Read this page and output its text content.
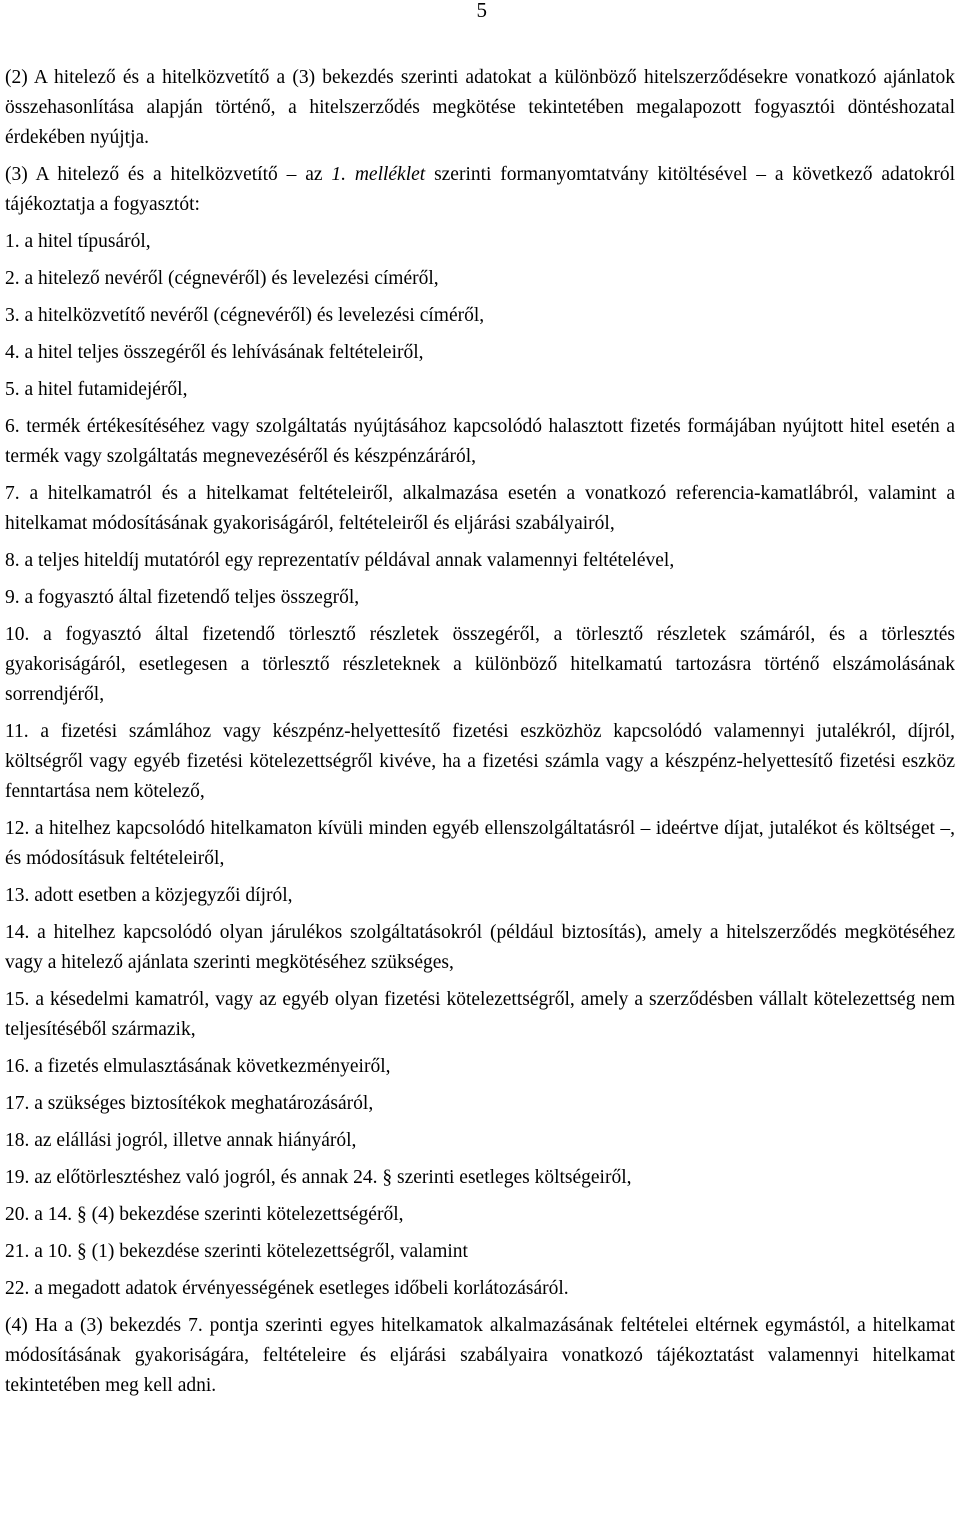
5

(2) A hitelező és a hitelközvetítő a (3) bekezdés szerinti adatokat a különböző hitelszerződésekre vonatkozó ajánlatok összehasonlítása alapján történő, a hitelszerződés megkötése tekintetében megalapozott fogyasztói döntéshozatal érdekében nyújtja.

(3) A hitelező és a hitelközvetítő – az 1. melléklet szerinti formanyomtatvány kitöltésével – a következő adatokról tájékoztatja a fogyasztót:

1. a hitel típusáról,

2. a hitelező nevéről (cégnevéről) és levelezési címéről,

3. a hitelközvetítő nevéről (cégnevéről) és levelezési címéről,

4. a hitel teljes összegéről és lehívásának feltételeiről,

5. a hitel futamidejéről,

6. termék értékesítéséhez vagy szolgáltatás nyújtásához kapcsolódó halasztott fizetés formájában nyújtott hitel esetén a termék vagy szolgáltatás megnevezéséről és készpénzáráról,

7. a hitelkamatról és a hitelkamat feltételeiről, alkalmazása esetén a vonatkozó referencia-kamatlábról, valamint a hitelkamat módosításának gyakoriságáról, feltételeiről és eljárási szabályairól,

8. a teljes hiteldíj mutatóról egy reprezentatív példával annak valamennyi feltételével,

9. a fogyasztó által fizetendő teljes összegről,

10. a fogyasztó által fizetendő törlesztő részletek összegéről, a törlesztő részletek számáról, és a törlesztés gyakoriságáról, esetlegesen a törlesztő részleteknek a különböző hitelkamatú tartozásra történő elszámolásának sorrendjéről,

11. a fizetési számlához vagy készpénz-helyettesítő fizetési eszközhöz kapcsolódó valamennyi jutalékról, díjról, költségről vagy egyéb fizetési kötelezettségről kivéve, ha a fizetési számla vagy a készpénz-helyettesítő fizetési eszköz fenntartása nem kötelező,

12. a hitelhez kapcsolódó hitelkamaton kívüli minden egyéb ellenszolgáltatásról – ideértve díjat, jutalékot és költséget –, és módosításuk feltételeiről,

13. adott esetben a közjegyzői díjról,

14. a hitelhez kapcsolódó olyan járulékos szolgáltatásokról (például biztosítás), amely a hitelszerződés megkötéséhez vagy a hitelező ajánlata szerinti megkötéséhez szükséges,

15. a késedelmi kamatról, vagy az egyéb olyan fizetési kötelezettségről, amely a szerződésben vállalt kötelezettség nem teljesítéséből származik,

16. a fizetés elmulasztásának következményeiről,

17. a szükséges biztosítékok meghatározásáról,

18. az elállási jogról, illetve annak hiányáról,

19. az előtörlesztéshez való jogról, és annak 24. § szerinti esetleges költségeiről,

20. a 14. § (4) bekezdése szerinti kötelezettségéről,

21. a 10. § (1) bekezdése szerinti kötelezettségről, valamint

22. a megadott adatok érvényességének esetleges időbeli korlátozásáról.

(4) Ha a (3) bekezdés 7. pontja szerinti egyes hitelkamatok alkalmazásának feltételei eltérnek egymástól, a hitelkamat módosításának gyakoriságára, feltételeire és eljárási szabályaira vonatkozó tájékoztatást valamennyi hitelkamat tekintetében meg kell adni.
